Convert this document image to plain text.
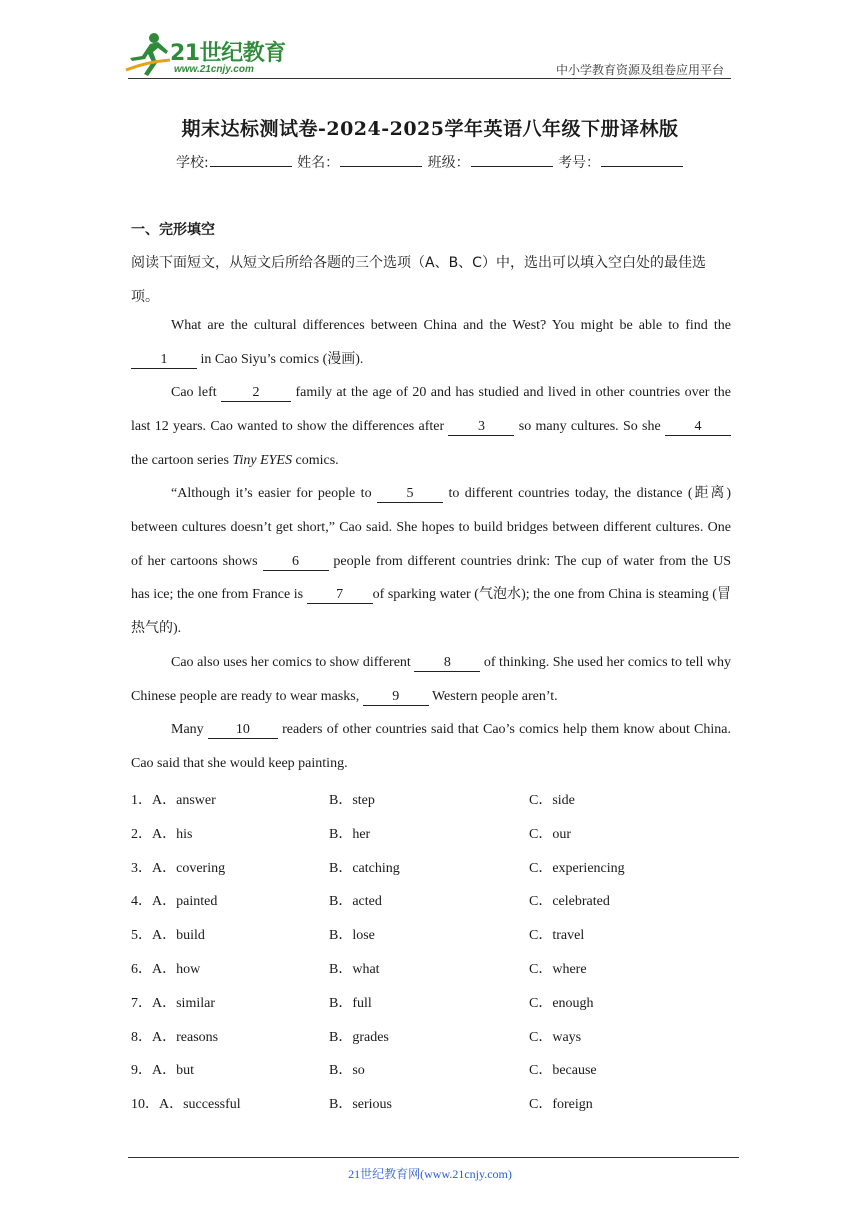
21世纪教育
www.21cnjy.com	中小学教育资源及组卷应用平台
期末达标测试卷-2024-2025学年英语八年级下册译林版
学校:	姓名：	班级：	考号：
一、完形填空
阅读下面短文，从短文后所给各题的三个选项（A、B、C）中，选出可以填入空白处的最佳选项。

What are the cultural differences between China and the West? You might be able to find the 1 in Cao Siyu’s comics (漫画).

Cao left 2 family at the age of 20 and has studied and lived in other countries over the last 12 years. Cao wanted to show the differences after 3 so many cultures. So she 4 the cartoon series Tiny EYES comics.

“Although it’s easier for people to 5 to different countries today, the distance (距离) between cultures doesn’t get short,” Cao said. She hopes to build bridges between different cultures. One of her cartoons shows 6 people from different countries drink: The cup of water from the US has ice; the one from France is 7 of sparking water (气泡水); the one from China is steaming (冒热气的).

Cao also uses her comics to show different 8 of thinking. She used her comics to tell why Chinese people are ready to wear masks, 9 Western people aren’t.

Many 10 readers of other countries said that Cao’s comics help them know about China. Cao said that she would keep painting.

1．A．answer	B．step	C．side
2．A．his	B．her	C．our
3．A．covering	B．catching	C．experiencing
4．A．painted	B．acted	C．celebrated
5．A．build	B．lose	C．travel
6．A．how	B．what	C．where
7．A．similar	B．full	C．enough
8．A．reasons	B．grades	C．ways
9．A．but	B．so	C．because
10．A．successful	B．serious	C．foreign
21世纪教育网(www.21cnjy.com)
